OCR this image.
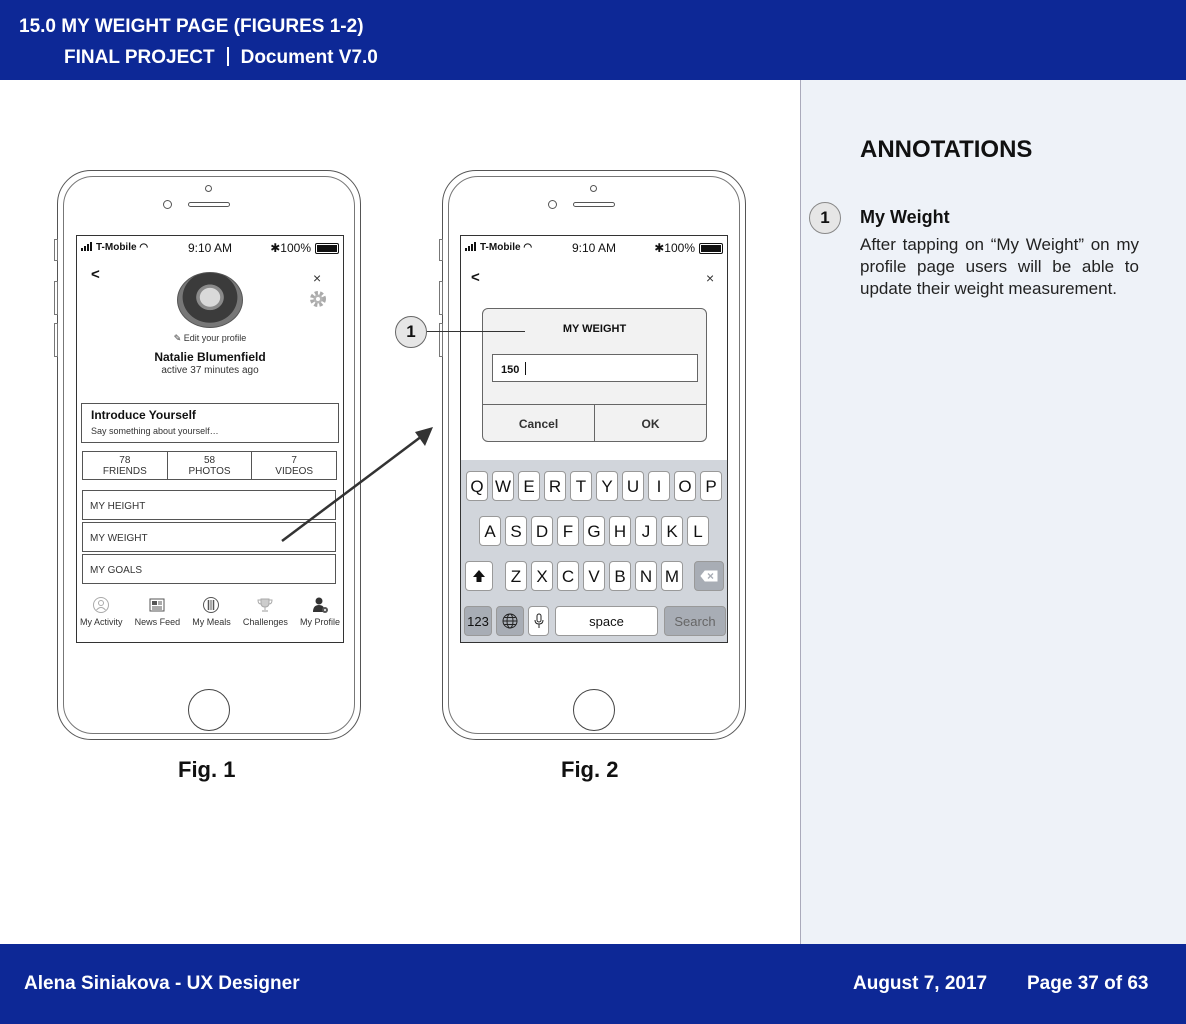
15.0 MY WEIGHT PAGE (FIGURES 1-2)
FINAL PROJECT Document V7.0
T-Mobile ◠	9:10 AM	✱100%
<	×
✎ Edit your profile
Natalie Blumenfield
active 37 minutes ago
Introduce Yourself
Say something about yourself…
78
FRIENDS
58
PHOTOS
7
VIDEOS
MY HEIGHT
MY WEIGHT
MY GOALS
My Activity News Feed My Meals Challenges My Profile
T-Mobile ◠	9:10 AM	✱100%
<	×
MY WEIGHT
150
Cancel	OK
Q W E R T Y U	I	O P
A S D F G H J K L
Z X C V B N M
123	space	Search
Fig. 1	Fig. 2
1
ANNOTATIONS
1	My Weight
After tapping on “My Weight” on my profile page users will be able to update their weight measurement.
Alena Siniakova - UX Designer	August 7, 2017 Page 37 of 63
